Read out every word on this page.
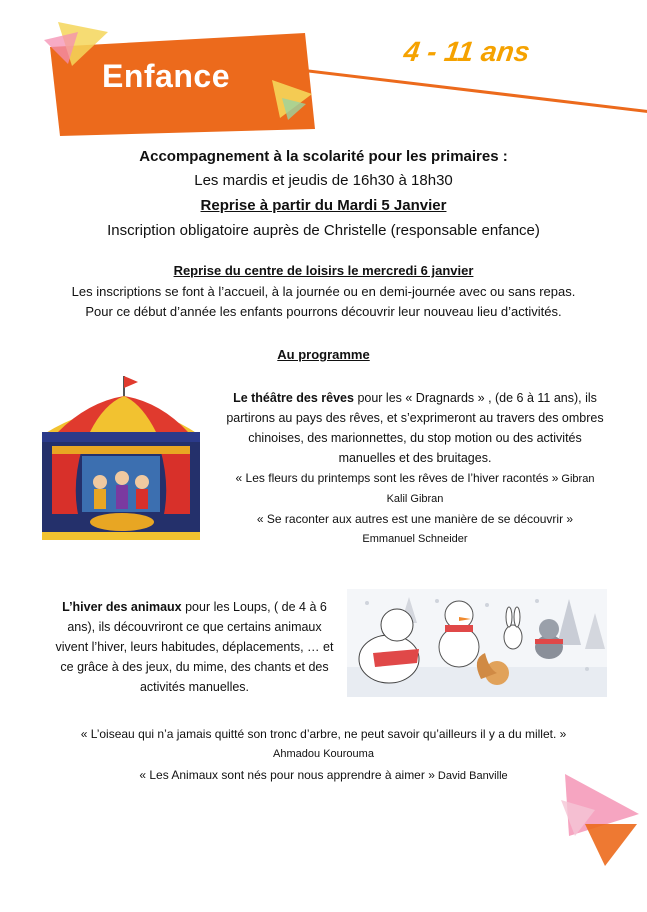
Enfance
4 - 11 ans
Accompagnement à la scolarité pour les primaires :
Les mardis et jeudis de 16h30 à 18h30
Reprise à partir du Mardi 5 Janvier
Inscription obligatoire auprès de Christelle (responsable enfance)
Reprise du centre de loisirs le mercredi 6 janvier
Les inscriptions se font à l’accueil, à la journée ou en demi-journée avec ou sans repas.
Pour ce début d’année les enfants pourrons découvrir leur nouveau lieu d’activités.
Au programme
Le théâtre des rêves pour les « Dragnards » , (de 6 à 11 ans), ils
partirons au pays des rêves, et s’exprimeront au travers des ombres
chinoises, des marionnettes, du stop motion ou des activités
manuelles et des bruitages.
« Les fleurs du printemps sont les rêves de l’hiver racontés » Gibran
Kalil Gibran
« Se raconter aux autres est une manière de se découvrir »
Emmanuel Schneider
L’hiver des animaux pour les Loups, ( de 4 à 6
ans), ils découvriront ce que certains animaux
vivent l’hiver, leurs habitudes, déplacements, … et
ce grâce à des jeux, du mime, des chants et des
activités manuelles.
« L’oiseau qui n’a jamais quitté son tronc d’arbre, ne peut savoir qu’ailleurs il y a du millet. »
Ahmadou Kourouma
« Les Animaux sont nés pour nous apprendre à aimer » David Banville
